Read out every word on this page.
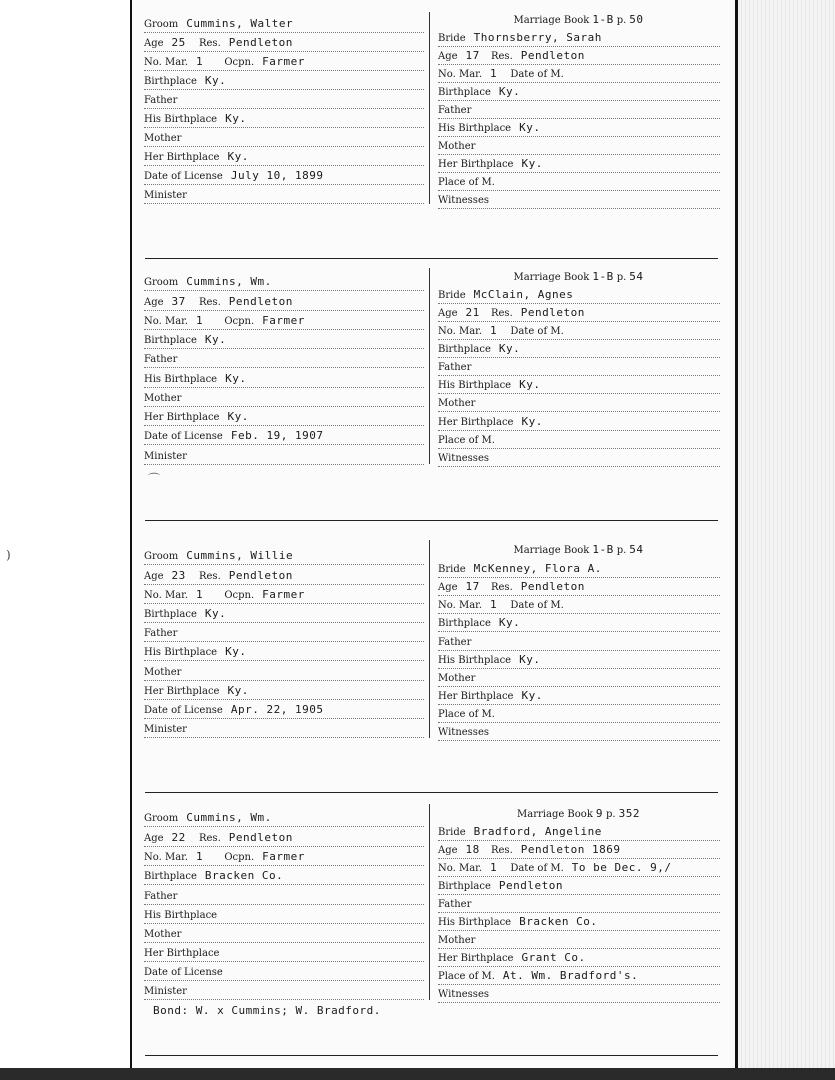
Groom Cummins, Walter
Age 25 Res. Pendleton
No. Mar. 1 Ocpn. Farmer
Birthplace Ky.
Father
His Birthplace Ky.
Mother
Her Birthplace Ky.
Date of License July 10, 1899
Minister
Marriage Book 1-B p. 50
Bride Thornsberry, Sarah
Age 17 Res. Pendleton
No. Mar. 1 Date of M.
Birthplace Ky.
Father
His Birthplace Ky.
Mother
Her Birthplace Ky.
Place of M.
Witnesses
Groom Cummins, Wm.
Age 37 Res. Pendleton
No. Mar. 1 Ocpn. Farmer
Birthplace Ky.
Father
His Birthplace Ky.
Mother
Her Birthplace Ky.
Date of License Feb. 19, 1907
Minister
Marriage Book 1-B p. 54
Bride McClain, Agnes
Age 21 Res. Pendleton
No. Mar. 1 Date of M.
Birthplace Ky.
Father
His Birthplace Ky.
Mother
Her Birthplace Ky.
Place of M.
Witnesses
Groom Cummins, Willie
Age 23 Res. Pendleton
No. Mar. 1 Ocpn. Farmer
Birthplace Ky.
Father
His Birthplace Ky.
Mother
Her Birthplace Ky.
Date of License Apr. 22, 1905
Minister
Marriage Book 1-B p. 54
Bride McKenney, Flora A.
Age 17 Res. Pendleton
No. Mar. 1 Date of M.
Birthplace Ky.
Father
His Birthplace Ky.
Mother
Her Birthplace Ky.
Place of M.
Witnesses
Groom Cummins, Wm.
Age 22 Res. Pendleton
No. Mar. 1 Ocpn. Farmer
Birthplace Bracken Co.
Father
His Birthplace
Mother
Her Birthplace
Date of License
Minister
Marriage Book 9 p. 352
Bride Bradford, Angeline
Age 18 Res. Pendleton 1869
No. Mar. 1 Date of M. To be Dec. 9,/
Birthplace Pendleton
Father
His Birthplace Bracken Co.
Mother
Her Birthplace Grant Co.
Place of M. At. Wm. Bradford's.
Witnesses
Bond: W. x Cummins; W. Bradford.
⌒
)
